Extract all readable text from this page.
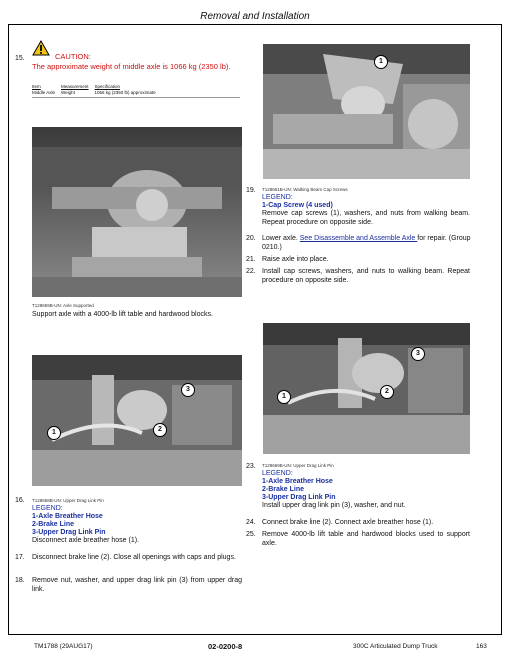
Removal and Installation
15.	CAUTION:
The approximate weight of middle axle is 1066 kg (2350 lb).
Item	Measurement	Specification
Middle Axle	Weight	1066 kg (2350 lb) approximate
T128659B-UN: Axle Supported
Support axle with a 4000-lb lift table and hardwood blocks.
1
19. T128661B-UN: Walking Beam Cap Screws
LEGEND:
1-Cap Screw (4 used)
Remove cap screws (1), washers, and nuts from walking beam. Repeat procedure on opposite side.
20. Lower axle. See Disassemble and Assemble Axle for repair. (Group 0210.)
21. Raise axle into place.
22. Install cap screws, washers, and nuts to walking beam. Repeat procedure on opposite side.
3
1	2
16. T128668B-UN: Upper Drag Link Pin
LEGEND:
1-Axle Breather Hose
2-Brake Line
3-Upper Drag Link Pin
Disconnect axle breather hose (1).
17. Disconnect brake line (2). Close all openings with caps and plugs.
18. Remove nut, washer, and upper drag link pin (3) from upper drag link.
3
1
2
23. T128669B-UN: Upper Drag Link Pin
LEGEND:
1-Axle Breather Hose
2-Brake Line
3-Upper Drag Link Pin
Install upper drag link pin (3), washer, and nut.
24. Connect brake line (2). Connect axle breather hose (1).
25. Remove 4000-lb lift table and hardwood blocks used to support axle.
TM1788 (29AUG17)	02-0200-8	300C Articulated Dump Truck	163
